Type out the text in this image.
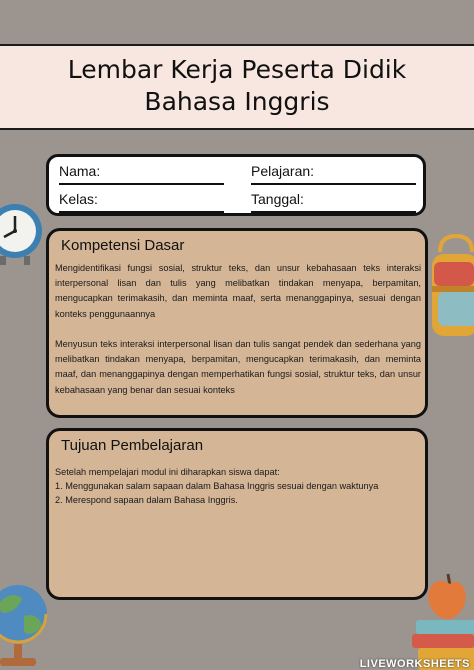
Lembar Kerja Peserta Didik
Bahasa Inggris
Nama:	Pelajaran:
Kelas:	Tanggal:
Kompetensi Dasar

Mengidentifikasi fungsi sosial, struktur teks, dan unsur kebahasaan teks interaksi interpersonal lisan dan tulis yang melibatkan tindakan menyapa, berpamitan, mengucapkan terimakasih, dan meminta maaf, serta menanggapinya, sesuai dengan konteks penggunaannya

Menyusun teks interaksi interpersonal lisan dan tulis sangat pendek dan sederhana yang melibatkan tindakan menyapa, berpamitan, mengucapkan terimakasih, dan meminta maaf, dan menanggapinya dengan memperhatikan fungsi sosial, struktur teks, dan unsur kebahasaan yang benar dan sesuai konteks

Tujuan Pembelajaran

Setelah mempelajari modul ini diharapkan siswa dapat:

1. Menggunakan salam sapaan dalam Bahasa Inggris sesuai dengan waktunya
2. Merespond sapaan dalam Bahasa Inggris.
LIVEWORKSHEETS
